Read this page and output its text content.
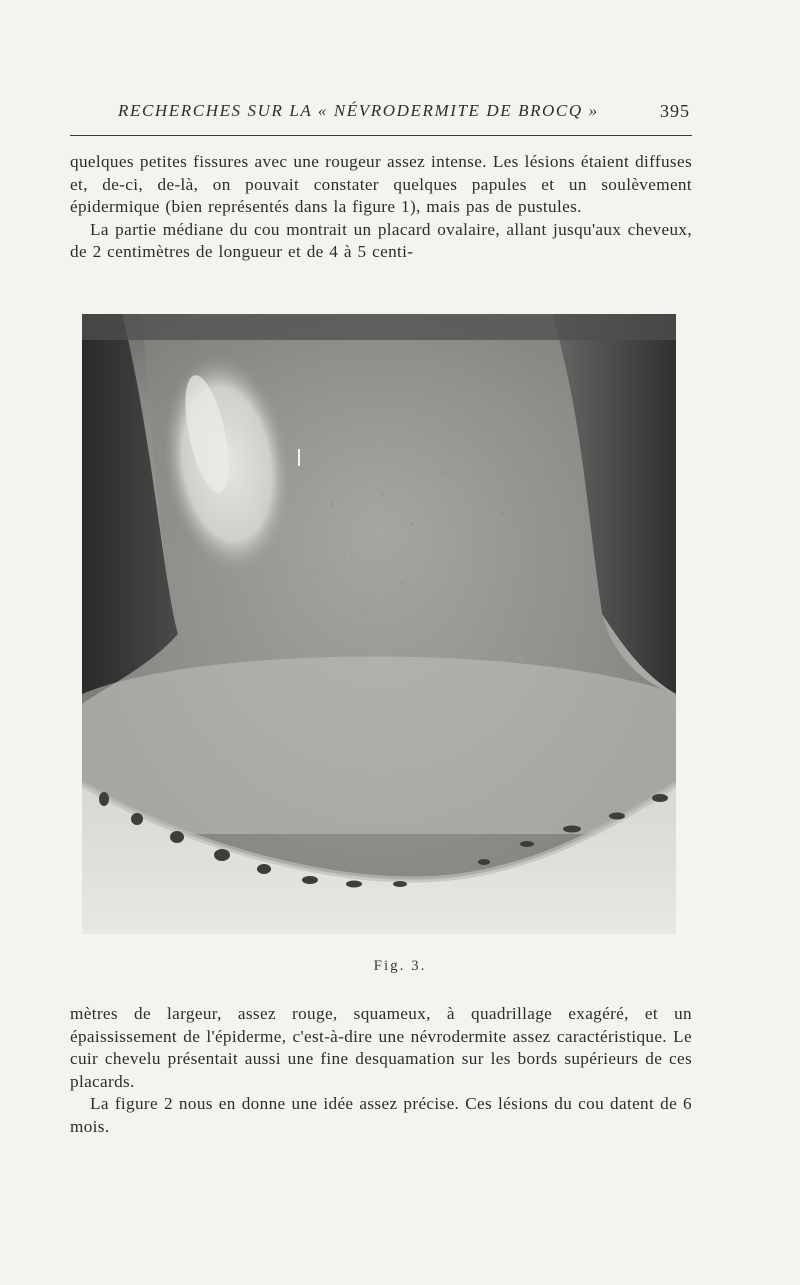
RECHERCHES SUR LA « NÉVRODERMITE DE BROCQ »	395

quelques petites fissures avec une rougeur assez intense. Les lésions étaient diffuses et, de-ci, de-là, on pouvait constater quelques papules et un soulèvement épidermique (bien représentés dans la figure 1), mais pas de pustules.

La partie médiane du cou montrait un placard ovalaire, allant jusqu'aux cheveux, de 2 centimètres de longueur et de 4 à 5 centi-

Fig. 3.

mètres de largeur, assez rouge, squameux, à quadrillage exagéré, et un épaississement de l'épiderme, c'est-à-dire une névrodermite assez caractéristique. Le cuir chevelu présentait aussi une fine desquamation sur les bords supérieurs de ces placards.

La figure 2 nous en donne une idée assez précise. Ces lésions du cou datent de 6 mois.
